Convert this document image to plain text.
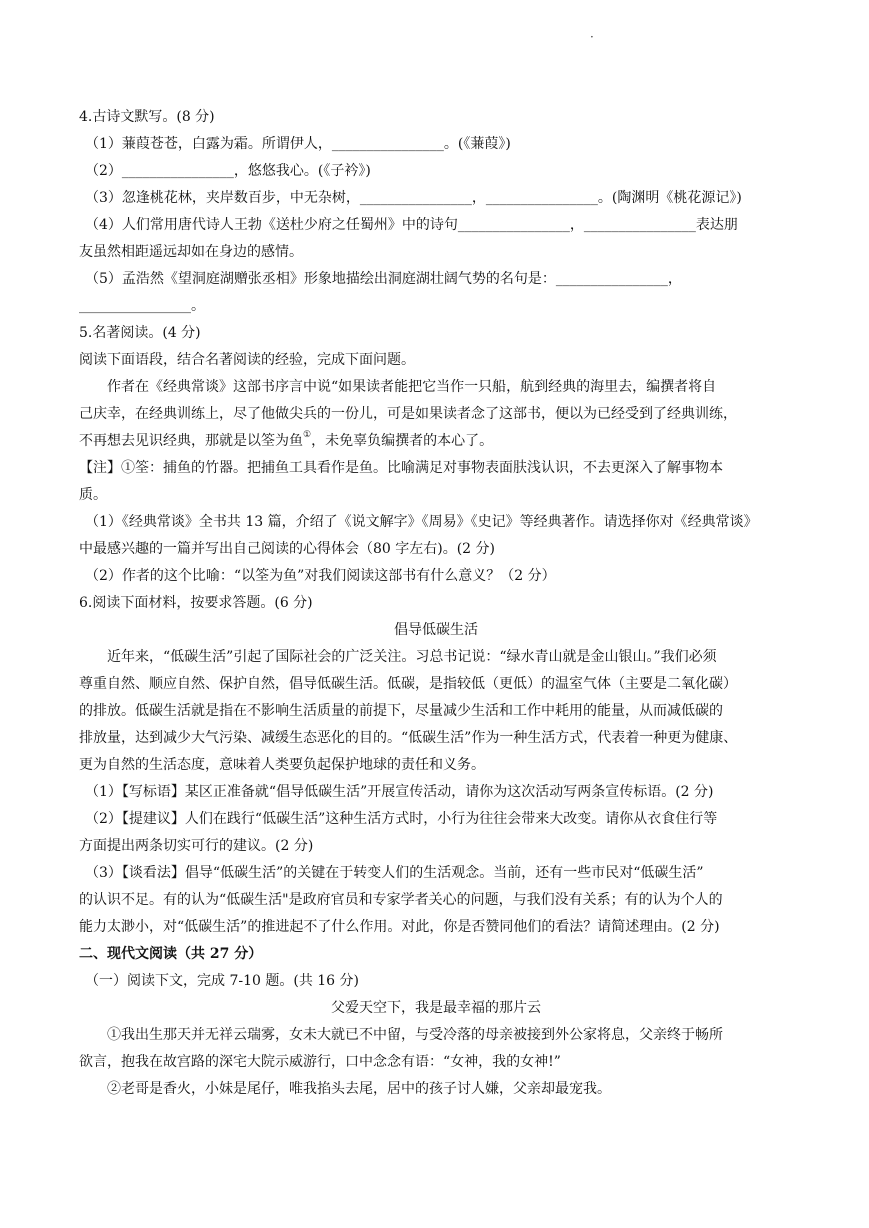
·

4.古诗文默写。(8 分)

（1）蒹葭苍苍，白露为霜。所谓伊人，________________。(《蒹葭》)

（2）________________，悠悠我心。(《子衿》)

（3）忽逢桃花林，夹岸数百步，中无杂树，________________，________________。(陶渊明《桃花源记》)

（4）人们常用唐代诗人王勃《送杜少府之任蜀州》中的诗句________________，________________表达朋

友虽然相距遥远却如在身边的感情。

（5）孟浩然《望洞庭湖赠张丞相》形象地描绘出洞庭湖壮阔气势的名句是：________________，

________________。

5.名著阅读。(4 分)

阅读下面语段，结合名著阅读的经验，完成下面问题。

作者在《经典常谈》这部书序言中说“如果读者能把它当作一只船，航到经典的海里去，编撰者将自

己庆幸，在经典训练上，尽了他做尖兵的一份儿，可是如果读者念了这部书，便以为已经受到了经典训练，

不再想去见识经典，那就是以筌为鱼①，未免辜负编撰者的本心了。

【注】①筌：捕鱼的竹器。把捕鱼工具看作是鱼。比喻满足对事物表面肤浅认识，不去更深入了解事物本

质。

（1）《经典常谈》全书共 13 篇，介绍了《说文解字》《周易》《史记》等经典著作。请选择你对《经典常谈》

中最感兴趣的一篇并写出自己阅读的心得体会（80 字左右)。(2 分)

（2）作者的这个比喻：“以筌为鱼”对我们阅读这部书有什么意义？（2 分）

6.阅读下面材料，按要求答题。(6 分)

倡导低碳生活

近年来，“低碳生活”引起了国际社会的广泛关注。习总书记说：“绿水青山就是金山银山。”我们必须

尊重自然、顺应自然、保护自然，倡导低碳生活。低碳，是指较低（更低）的温室气体（主要是二氧化碳）

的排放。低碳生活就是指在不影响生活质量的前提下，尽量减少生活和工作中耗用的能量，从而减低碳的

排放量，达到减少大气污染、减缓生态恶化的目的。“低碳生活”作为一种生活方式，代表着一种更为健康、

更为自然的生活态度，意味着人类要负起保护地球的责任和义务。

（1）【写标语】某区正准备就“倡导低碳生活”开展宣传活动，请你为这次活动写两条宣传标语。(2 分)

（2）【提建议】人们在践行“低碳生活”这种生活方式时，小行为往往会带来大改变。请你从衣食住行等

方面提出两条切实可行的建议。(2 分)

（3）【谈看法】倡导“低碳生活”的关键在于转变人们的生活观念。当前，还有一些市民对“低碳生活”

的认识不足。有的认为“低碳生活"是政府官员和专家学者关心的问题，与我们没有关系；有的认为个人的

能力太渺小，对“低碳生活”的推进起不了什么作用。对此，你是否赞同他们的看法？请简述理由。(2 分)

二、现代文阅读（共 27 分）

（一）阅读下文，完成 7-10 题。(共 16 分)

父爱天空下，我是最幸福的那片云

①我出生那天并无祥云瑞雾，女未大就已不中留，与受冷落的母亲被接到外公家将息，父亲终于畅所

欲言，抱我在故宫路的深宅大院示威游行，口中念念有语：“女神，我的女神!”

②老哥是香火，小妹是尾仔，唯我掐头去尾，居中的孩子讨人嫌，父亲却最宠我。
